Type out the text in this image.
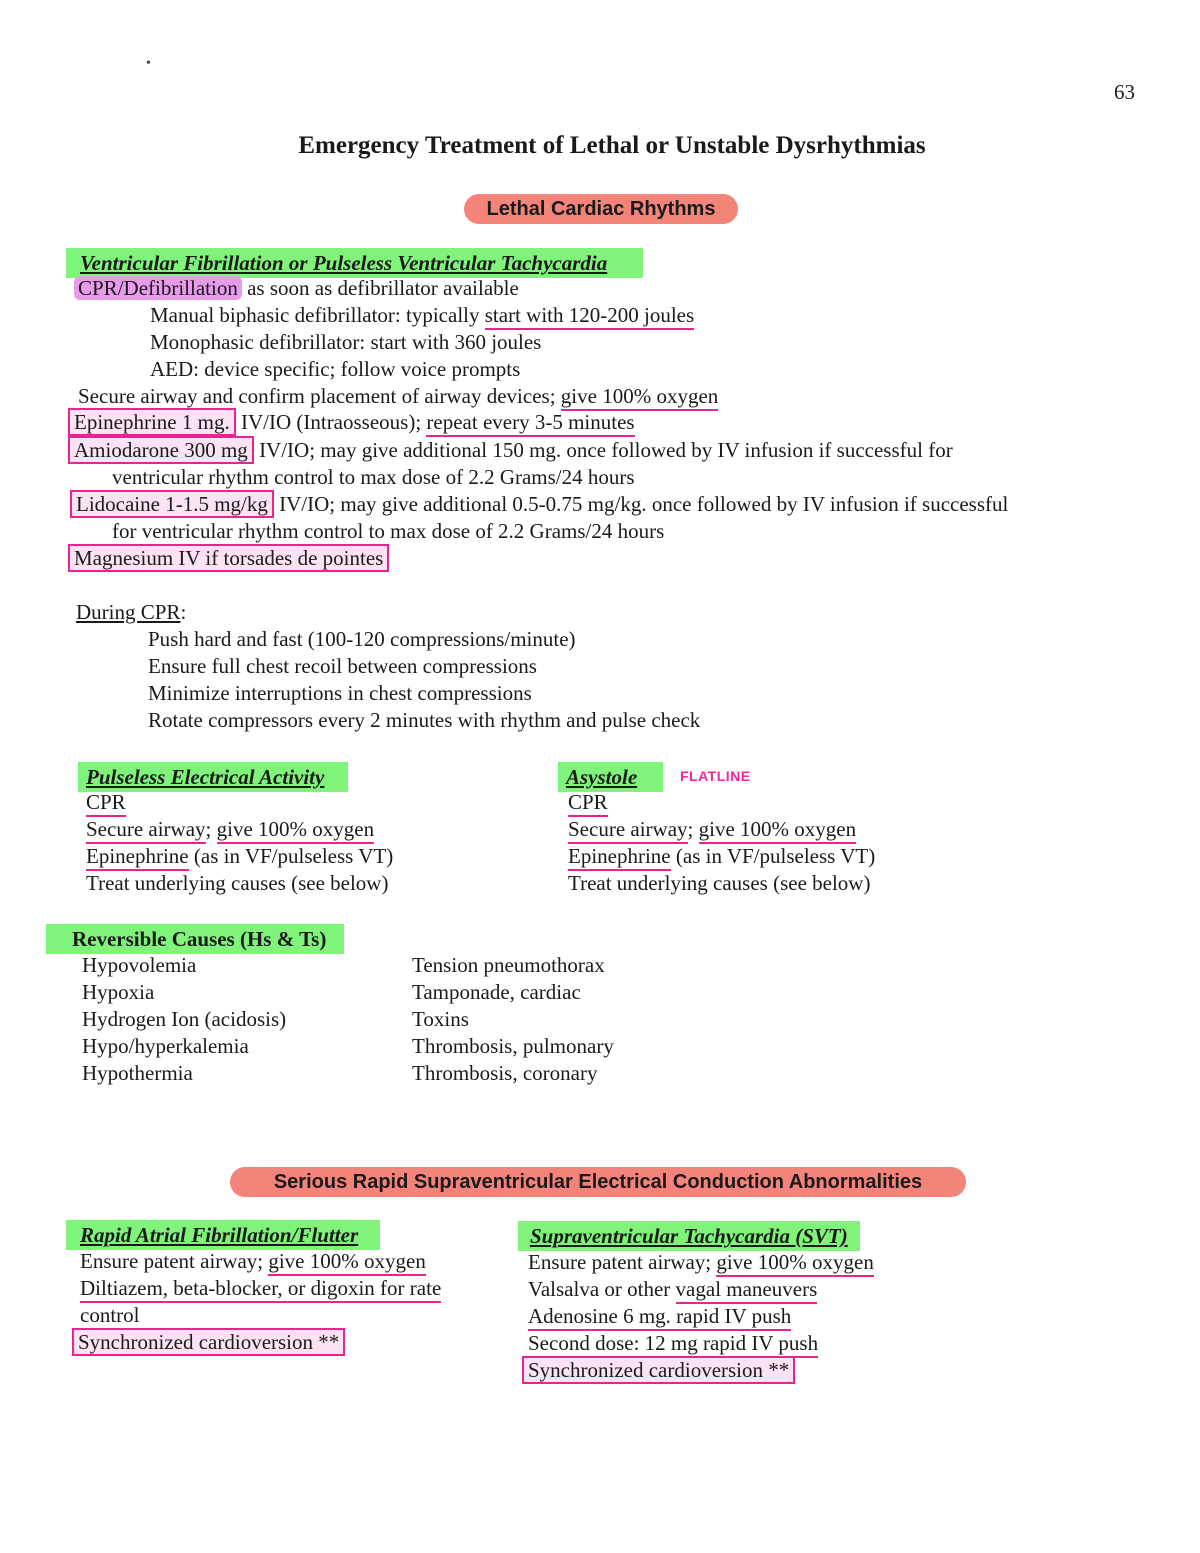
•
63
Emergency Treatment of Lethal or Unstable Dysrhythmias
Lethal Cardiac Rhythms
Ventricular Fibrillation or Pulseless Ventricular Tachycardia
CPR/Defibrillation as soon as defibrillator available
Manual biphasic defibrillator: typically start with 120-200 joules
Monophasic defibrillator: start with 360 joules
AED: device specific; follow voice prompts
Secure airway and confirm placement of airway devices; give 100% oxygen
Epinephrine 1 mg. IV/IO (Intraosseous); repeat every 3-5 minutes
Amiodarone 300 mg IV/IO; may give additional 150 mg. once followed by IV infusion if successful for
ventricular rhythm control to max dose of 2.2 Grams/24 hours
Lidocaine 1-1.5 mg/kg IV/IO; may give additional 0.5-0.75 mg/kg. once followed by IV infusion if successful
for ventricular rhythm control to max dose of 2.2 Grams/24 hours
Magnesium IV if torsades de pointes
During CPR:
Push hard and fast (100-120 compressions/minute)
Ensure full chest recoil between compressions
Minimize interruptions in chest compressions
Rotate compressors every 2 minutes with rhythm and pulse check
Pulseless Electrical Activity
CPR
Secure airway; give 100% oxygen
Epinephrine (as in VF/pulseless VT)
Treat underlying causes (see below)
Asystole	FLATLINE
CPR
Secure airway; give 100% oxygen
Epinephrine (as in VF/pulseless VT)
Treat underlying causes (see below)
Reversible Causes (Hs & Ts)
Hypovolemia
Hypoxia
Hydrogen Ion (acidosis)
Hypo/hyperkalemia
Hypothermia
Tension pneumothorax
Tamponade, cardiac
Toxins
Thrombosis, pulmonary
Thrombosis, coronary
Serious Rapid Supraventricular Electrical Conduction Abnormalities
Rapid Atrial Fibrillation/Flutter
Ensure patent airway; give 100% oxygen
Diltiazem, beta-blocker, or digoxin for rate
control
Synchronized cardioversion **
Supraventricular Tachycardia (SVT)
Ensure patent airway; give 100% oxygen
Valsalva or other vagal maneuvers
Adenosine 6 mg. rapid IV push
Second dose: 12 mg rapid IV push
Synchronized cardioversion **
